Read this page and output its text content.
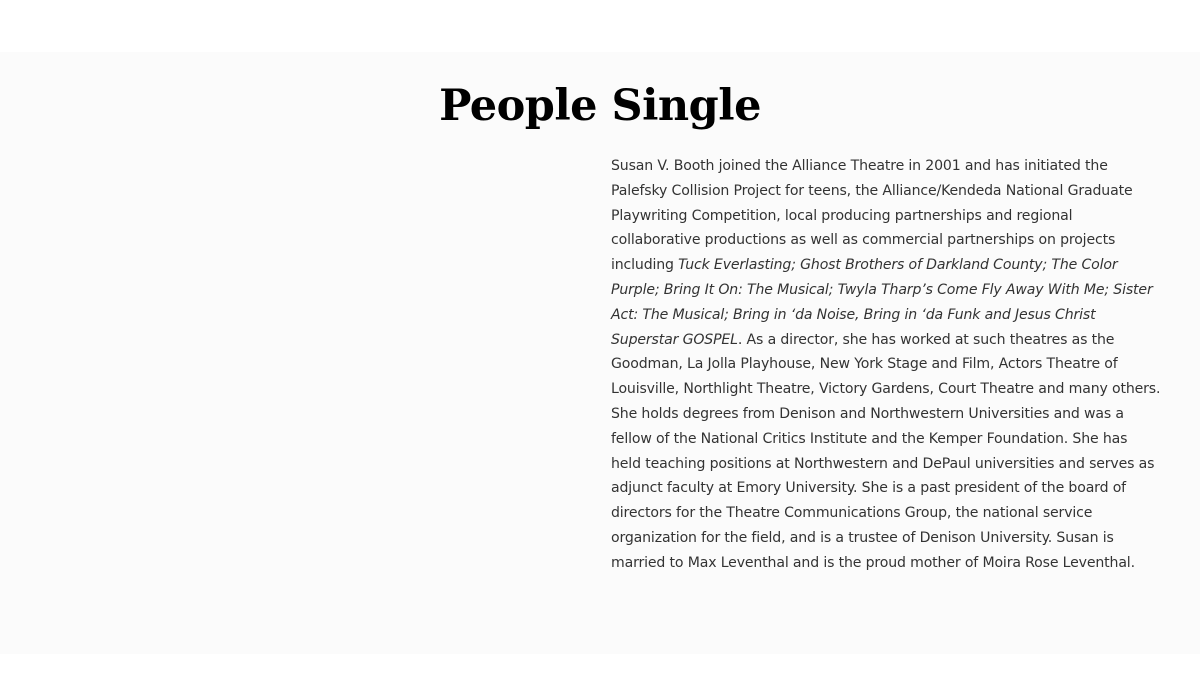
People Single

Susan V. Booth joined the Alliance Theatre in 2001 and has initiated the Palefsky Collision Project for teens, the Alliance/Kendeda National Graduate Playwriting Competition, local producing partnerships and regional collaborative productions as well as commercial partnerships on projects including Tuck Everlasting; Ghost Brothers of Darkland County; The Color Purple; Bring It On: The Musical; Twyla Tharp’s Come Fly Away With Me; Sister Act: The Musical; Bring in ‘da Noise, Bring in ‘da Funk and Jesus Christ Superstar GOSPEL. As a director, she has worked at such theatres as the Goodman, La Jolla Playhouse, New York Stage and Film, Actors Theatre of Louisville, Northlight Theatre, Victory Gardens, Court Theatre and many others. She holds degrees from Denison and Northwestern Universities and was a fellow of the National Critics Institute and the Kemper Foundation. She has held teaching positions at Northwestern and DePaul universities and serves as adjunct faculty at Emory University. She is a past president of the board of directors for the Theatre Communications Group, the national service organization for the field, and is a trustee of Denison University. Susan is married to Max Leventhal and is the proud mother of Moira Rose Leventhal.
